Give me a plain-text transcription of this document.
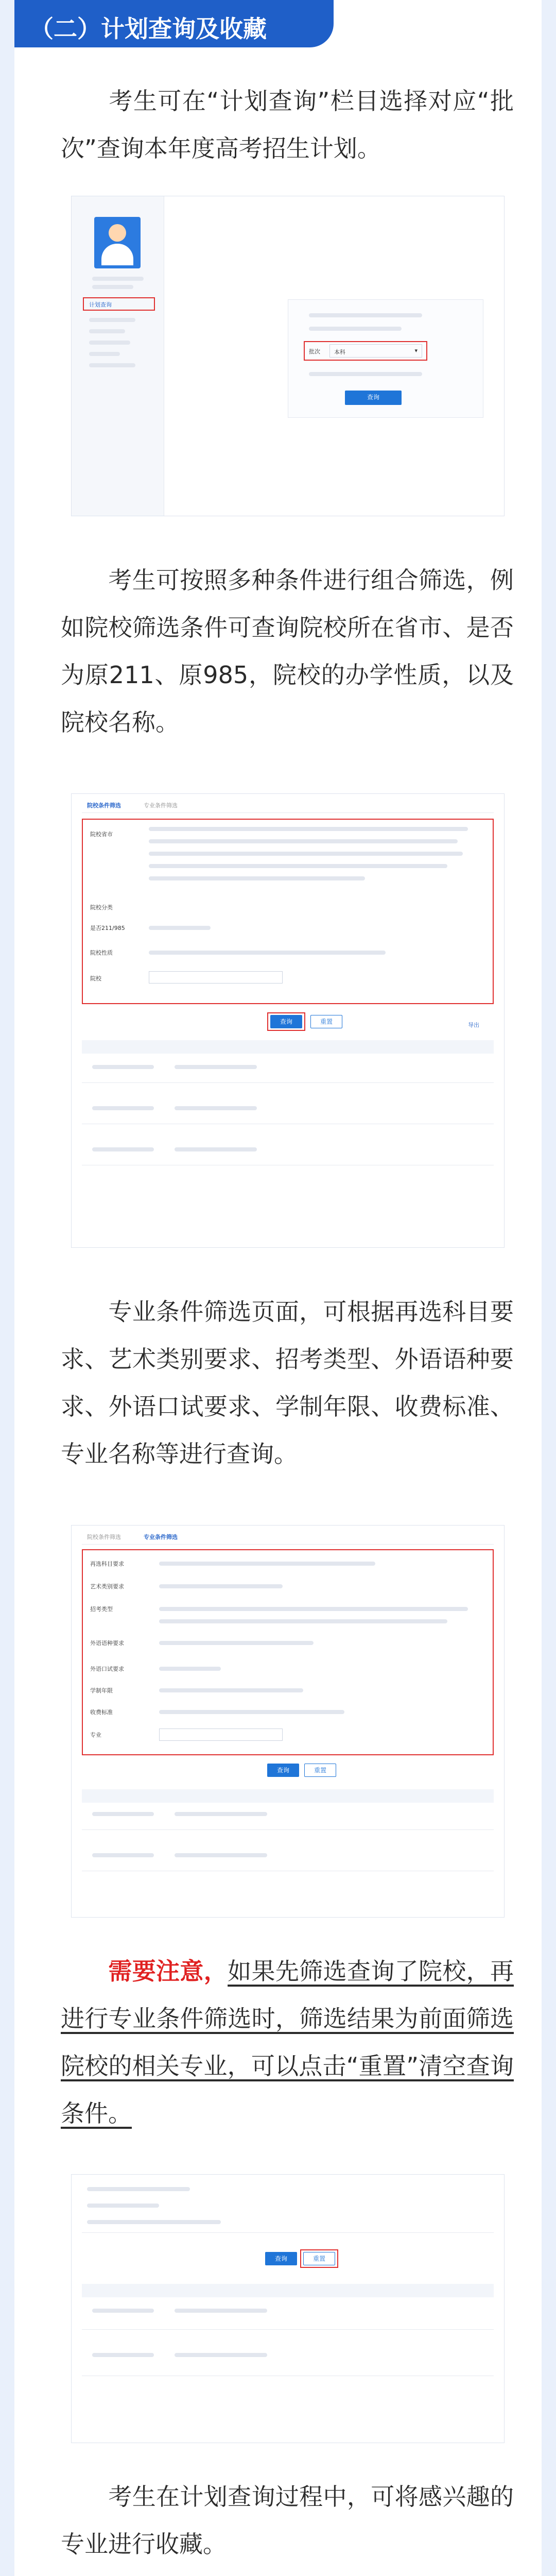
（二）计划查询及收藏
考生可在“计划查询”栏目选择对应“批次”查询本年度高考招生计划。
计划查询
批次 本科	▾
查询
考生可按照多种条件进行组合筛选，例如院校筛选条件可查询院校所在省市、是否为原211、原985，院校的办学性质，以及院校名称。
院校条件筛选	专业条件筛选
院校省市
院校分类
是否211/985
院校性质
院校
查询	重置	导出
专业条件筛选页面，可根据再选科目要求、艺术类别要求、招考类型、外语语种要求、外语口试要求、学制年限、收费标准、专业名称等进行查询。
院校条件筛选	专业条件筛选
再选科目要求
艺术类别要求
招考类型
外语语种要求
外语口试要求
学制年限
收费标准
专业
查询	重置
需要注意，如果先筛选查询了院校，再进行专业条件筛选时，筛选结果为前面筛选院校的相关专业，可以点击“重置”清空查询条件。
查询	重置
考生在计划查询过程中，可将感兴趣的专业进行收藏。
